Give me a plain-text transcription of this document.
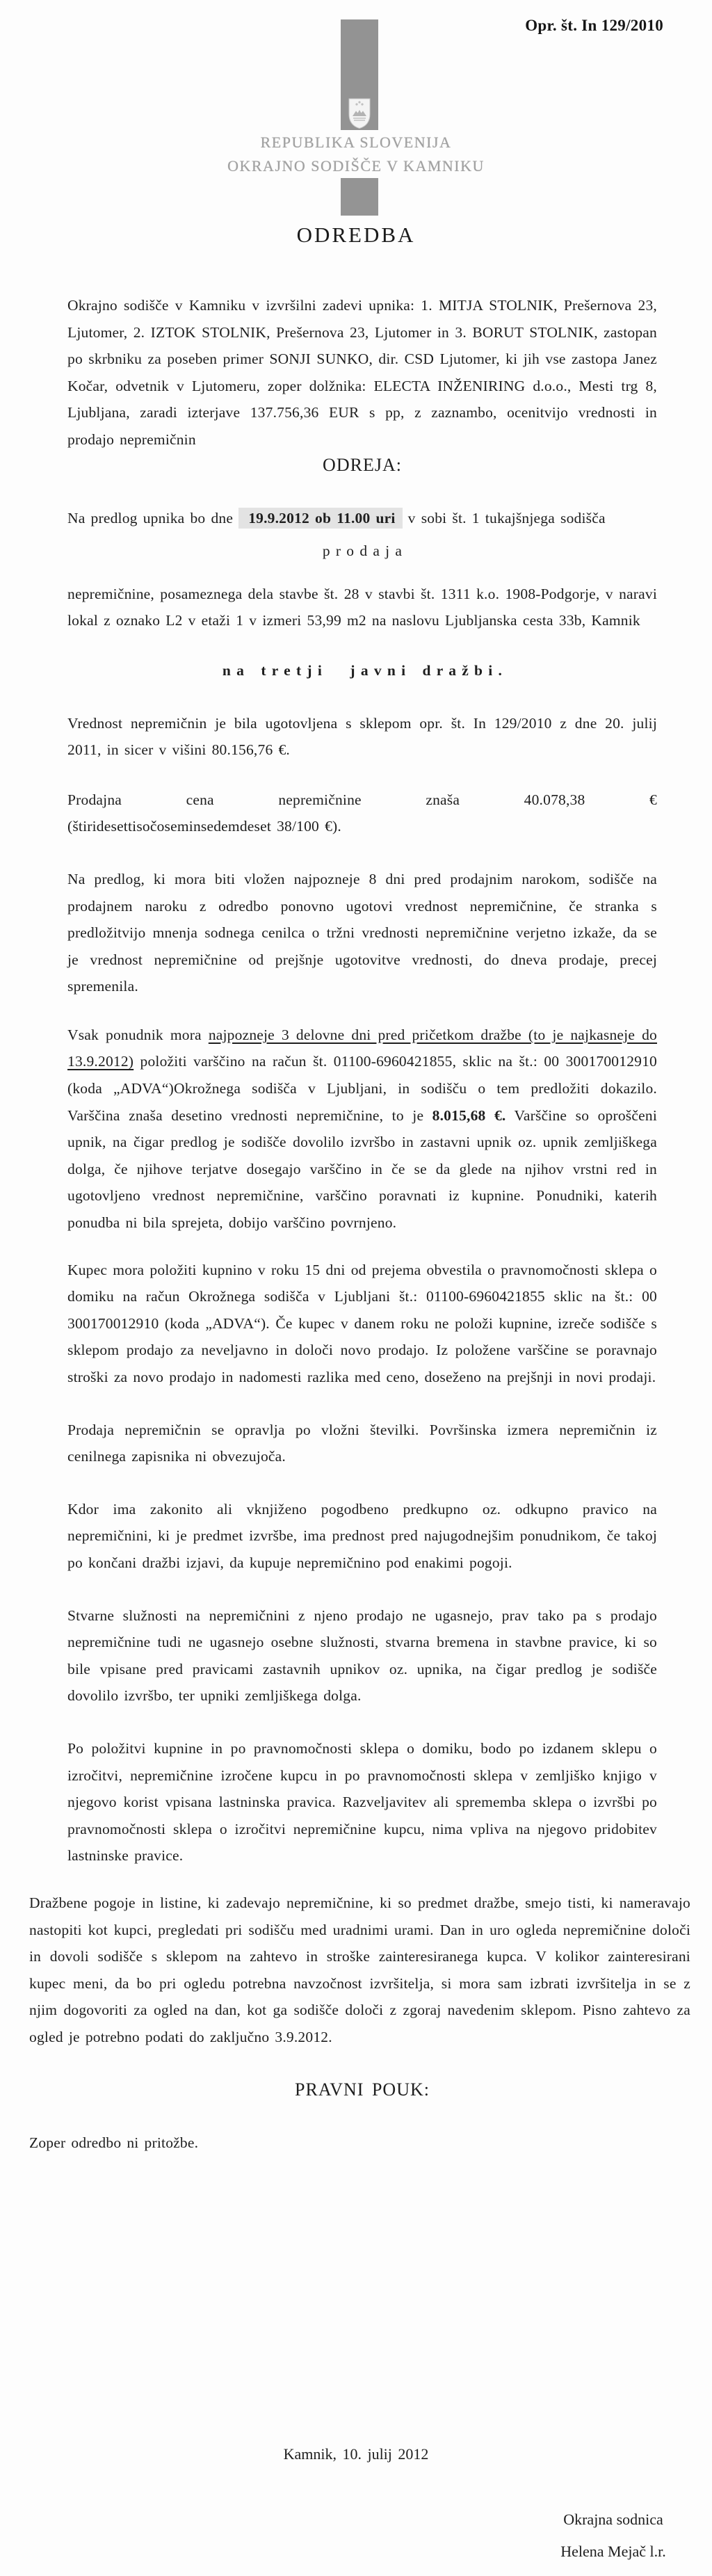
Opr. št. In 129/2010
REPUBLIKA SLOVENIJA
OKRAJNO SODIŠČE V KAMNIKU
ODREDBA
Okrajno sodišče v Kamniku v izvršilni zadevi upnika: 1. MITJA STOLNIK, Prešernova 23, Ljutomer, 2. IZTOK STOLNIK, Prešernova 23, Ljutomer in 3. BORUT STOLNIK, zastopan po skrbniku za poseben primer SONJI SUNKO, dir. CSD Ljutomer, ki jih vse zastopa Janez Kočar, odvetnik v Ljutomeru, zoper dolžnika: ELECTA INŽENIRING d.o.o., Mesti trg 8, Ljubljana, zaradi izterjave 137.756,36 EUR s pp, z zaznambo, ocenitvijo vrednosti in prodajo nepremičnin
ODREJA:
Na predlog upnika bo dne 19.9.2012 ob 11.00 uri v sobi št. 1 tukajšnjega sodišča
p r o d a j a
nepremičnine, posameznega dela stavbe št. 28 v stavbi št. 1311 k.o. 1908-Podgorje, v naravi lokal z oznako L2 v etaži 1 v izmeri 53,99 m2 na naslovu Ljubljanska cesta 33b, Kamnik
n a   t r e t j i     j a v n i   d r a ž b i .
Vrednost nepremičnin je bila ugotovljena s sklepom opr. št. In 129/2010 z dne 20. julij 2011, in sicer v višini 80.156,76 €.
Prodajna cena nepremičnine znaša 40.078,38 €
(štiridesettisočoseminsedemdeset 38/100 €).
Na predlog, ki mora biti vložen najpozneje 8 dni pred prodajnim narokom, sodišče na prodajnem naroku z odredbo ponovno ugotovi vrednost nepremičnine, če stranka s predložitvijo mnenja sodnega cenilca o tržni vrednosti nepremičnine verjetno izkaže, da se je vrednost nepremičnine od prejšnje ugotovitve vrednosti, do dneva prodaje, precej spremenila.
Vsak ponudnik mora najpozneje 3 delovne dni pred pričetkom dražbe (to je najkasneje do 13.9.2012) položiti varščino na račun št. 01100-6960421855, sklic na št.: 00 300170012910 (koda „ADVA“)Okrožnega sodišča v Ljubljani, in sodišču o tem predložiti dokazilo. Varščina znaša desetino vrednosti nepremičnine, to je 8.015,68 €. Varščine so oproščeni upnik, na čigar predlog je sodišče dovolilo izvršbo in zastavni upnik oz. upnik zemljiškega dolga, če njihove terjatve dosegajo varščino in če se da glede na njihov vrstni red in ugotovljeno vrednost nepremičnine, varščino poravnati iz kupnine. Ponudniki, katerih ponudba ni bila sprejeta, dobijo varščino povrnjeno.
Kupec mora položiti kupnino v roku 15 dni od prejema obvestila o pravnomočnosti sklepa o domiku na račun Okrožnega sodišča v Ljubljani št.: 01100-6960421855 sklic na št.: 00 300170012910 (koda „ADVA“). Če kupec v danem roku ne položi kupnine, izreče sodišče s sklepom prodajo za neveljavno in določi novo prodajo. Iz položene varščine se poravnajo stroški za novo prodajo in nadomesti razlika med ceno, doseženo na prejšnji in novi prodaji.
Prodaja nepremičnin se opravlja po vložni številki. Površinska izmera nepremičnin iz cenilnega zapisnika ni obvezujoča.
Kdor ima zakonito ali vknjiženo pogodbeno predkupno oz. odkupno pravico na nepremičnini, ki je predmet izvršbe, ima prednost pred najugodnejšim ponudnikom, če takoj po končani dražbi izjavi, da kupuje nepremičnino pod enakimi pogoji.
Stvarne služnosti na nepremičnini z njeno prodajo ne ugasnejo, prav tako pa s prodajo nepremičnine tudi ne ugasnejo osebne služnosti, stvarna bremena in stavbne pravice, ki so bile vpisane pred pravicami zastavnih upnikov oz. upnika, na čigar predlog je sodišče dovolilo izvršbo, ter upniki zemljiškega dolga.
Po položitvi kupnine in po pravnomočnosti sklepa o domiku, bodo po izdanem sklepu o izročitvi, nepremičnine izročene kupcu in po pravnomočnosti sklepa v zemljiško knjigo v njegovo korist vpisana lastninska pravica. Razveljavitev ali sprememba sklepa o izvršbi po pravnomočnosti sklepa o izročitvi nepremičnine kupcu, nima vpliva na njegovo pridobitev lastninske pravice.
Dražbene pogoje in listine, ki zadevajo nepremičnine, ki so predmet dražbe, smejo tisti, ki nameravajo nastopiti kot kupci, pregledati pri sodišču med uradnimi urami. Dan in uro ogleda nepremičnine določi in dovoli sodišče s sklepom na zahtevo in stroške zainteresiranega kupca. V kolikor zainteresirani kupec meni, da bo pri ogledu potrebna navzočnost izvršitelja, si mora sam izbrati izvršitelja in se z njim dogovoriti za ogled na dan, kot ga sodišče določi z zgoraj navedenim sklepom. Pisno zahtevo za ogled je potrebno podati do zaključno 3.9.2012.
PRAVNI POUK:
Zoper odredbo ni pritožbe.
Kamnik, 10. julij 2012
Okrajna sodnica
Helena Mejač l.r.
